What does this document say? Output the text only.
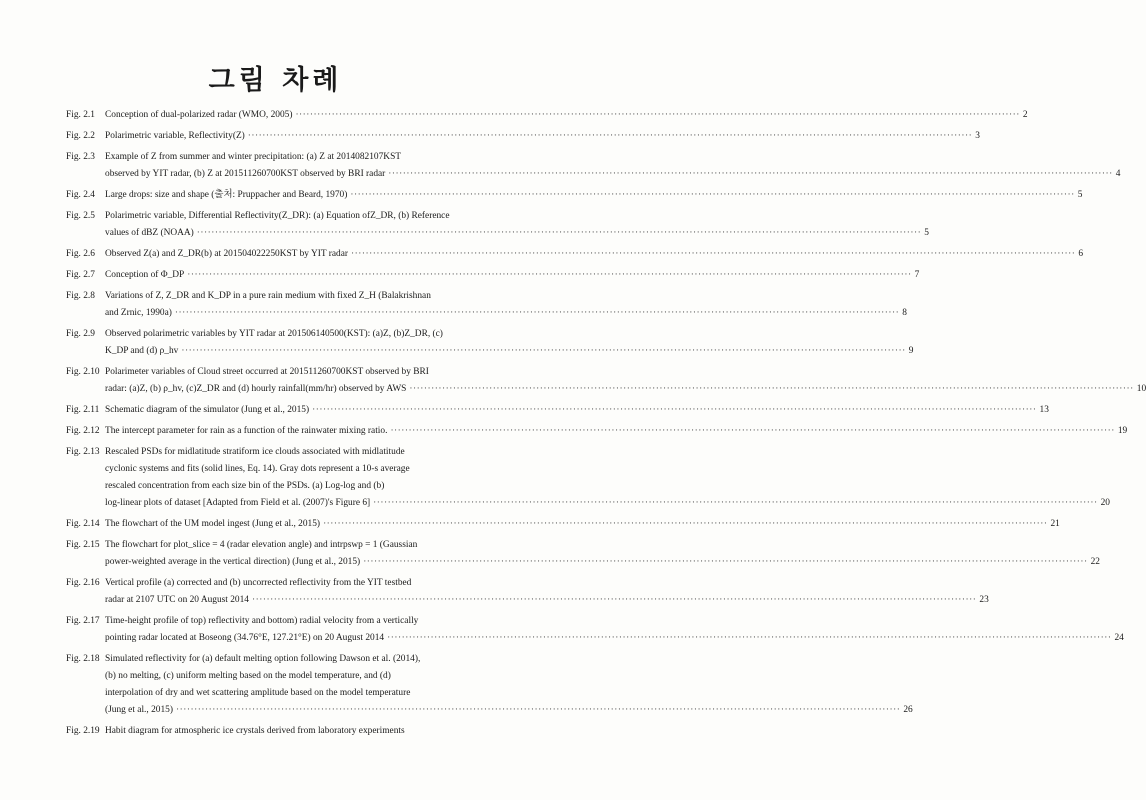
그림 차례
Fig. 2.1 Conception of dual-polarized radar (WMO, 2005) ········································································································································································································ 2
Fig. 2.2 Polarimetric variable, Reflectivity(Z) ········································································································································································································ 3
Fig. 2.3 Example of Z from summer and winter precipitation: (a) Z at 2014082107KST
observed by YIT radar, (b) Z at 201511260700KST observed by BRI radar ········································································································································································································ 4
Fig. 2.4 Large drops: size and shape (출처: Pruppacher and Beard, 1970) ········································································································································································································ 5
Fig. 2.5 Polarimetric variable, Differential Reflectivity(Z_DR): (a) Equation ofZ_DR, (b) Reference
values of dBZ (NOAA) ········································································································································································································ 5
Fig. 2.6 Observed Z(a) and Z_DR(b) at 201504022250KST by YIT radar ········································································································································································································ 6
Fig. 2.7 Conception of Φ_DP ········································································································································································································ 7
Fig. 2.8 Variations of Z, Z_DR and K_DP in a pure rain medium with fixed Z_H (Balakrishnan
and Zrnic, 1990a) ········································································································································································································ 8
Fig. 2.9 Observed polarimetric variables by YIT radar at 201506140500(KST): (a)Z, (b)Z_DR, (c)
K_DP and (d) ρ_hv ········································································································································································································ 9
Fig. 2.10 Polarimeter variables of Cloud street occurred at 201511260700KST observed by BRI
radar: (a)Z, (b) ρ_hv, (c)Z_DR and (d) hourly rainfall(mm/hr) observed by AWS ········································································································································································································ 10
Fig. 2.11 Schematic diagram of the simulator (Jung et al., 2015) ········································································································································································································ 13
Fig. 2.12 The intercept parameter for rain as a function of the rainwater mixing ratio. ········································································································································································································ 19
Fig. 2.13 Rescaled PSDs for midlatitude stratiform ice clouds associated with midlatitude
cyclonic systems and fits (solid lines, Eq. 14). Gray dots represent a 10-s average
rescaled concentration from each size bin of the PSDs. (a) Log-log and (b)
log-linear plots of dataset [Adapted from Field et al. (2007)'s Figure 6] ········································································································································································································ 20
Fig. 2.14 The flowchart of the UM model ingest (Jung et al., 2015) ········································································································································································································ 21
Fig. 2.15 The flowchart for plot_slice = 4 (radar elevation angle) and intrpswp = 1 (Gaussian
power-weighted average in the vertical direction) (Jung et al., 2015) ········································································································································································································ 22
Fig. 2.16 Vertical profile (a) corrected and (b) uncorrected reflectivity from the YIT testbed
radar at 2107 UTC on 20 August 2014 ········································································································································································································ 23
Fig. 2.17 Time-height profile of top) reflectivity and bottom) radial velocity from a vertically
pointing radar located at Boseong (34.76°E, 127.21°E) on 20 August 2014 ········································································································································································································ 24
Fig. 2.18 Simulated reflectivity for (a) default melting option following Dawson et al. (2014),
(b) no melting, (c) uniform melting based on the model temperature, and (d)
interpolation of dry and wet scattering amplitude based on the model temperature
(Jung et al., 2015) ········································································································································································································ 26
Fig. 2.19 Habit diagram for atmospheric ice crystals derived from laboratory experiments
